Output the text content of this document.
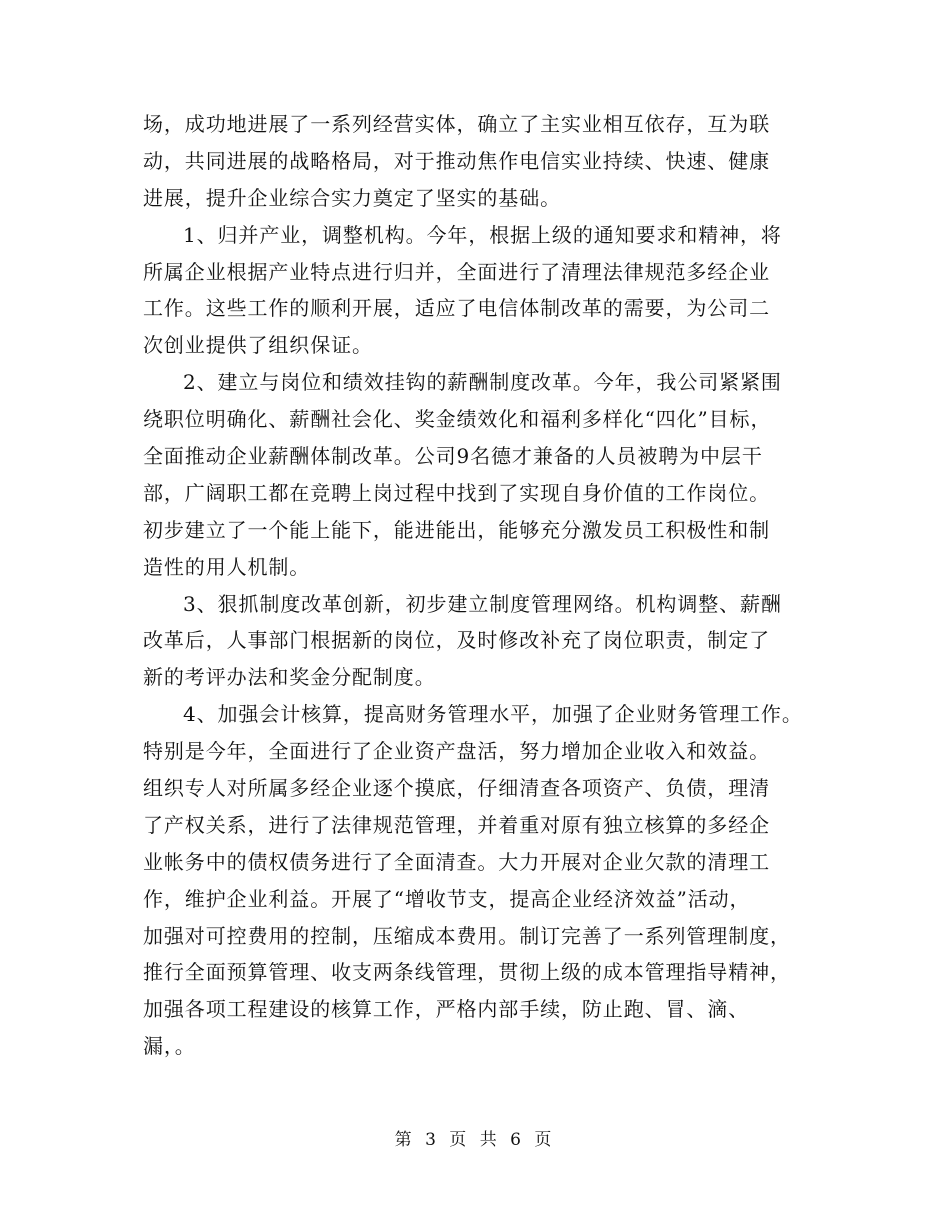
场，成功地进展了一系列经营实体，确立了主实业相互依存，互为联
动，共同进展的战略格局，对于推动焦作电信实业持续、快速、健康
进展，提升企业综合实力奠定了坚实的基础。
1、归并产业，调整机构。今年，根据上级的通知要求和精神，将
所属企业根据产业特点进行归并，全面进行了清理法律规范多经企业
工作。这些工作的顺利开展，适应了电信体制改革的需要，为公司二
次创业提供了组织保证。
2、建立与岗位和绩效挂钩的薪酬制度改革。今年，我公司紧紧围
绕职位明确化、薪酬社会化、奖金绩效化和福利多样化“四化”目标，
全面推动企业薪酬体制改革。公司9名德才兼备的人员被聘为中层干
部，广阔职工都在竞聘上岗过程中找到了实现自身价值的工作岗位。
初步建立了一个能上能下，能进能出，能够充分激发员工积极性和制
造性的用人机制。
3、狠抓制度改革创新，初步建立制度管理网络。机构调整、薪酬
改革后，人事部门根据新的岗位，及时修改补充了岗位职责，制定了
新的考评办法和奖金分配制度。
4、加强会计核算，提高财务管理水平，加强了企业财务管理工作。
特别是今年，全面进行了企业资产盘活，努力增加企业收入和效益。
组织专人对所属多经企业逐个摸底，仔细清查各项资产、负债，理清
了产权关系，进行了法律规范管理，并着重对原有独立核算的多经企
业帐务中的债权债务进行了全面清查。大力开展对企业欠款的清理工
作，维护企业利益。开展了“增收节支，提高企业经济效益”活动，
加强对可控费用的控制，压缩成本费用。制订完善了一系列管理制度，
推行全面预算管理、收支两条线管理，贯彻上级的成本管理指导精神，
加强各项工程建设的核算工作，严格内部手续，防止跑、冒、滴、
漏，。
第 3 页 共 6 页
